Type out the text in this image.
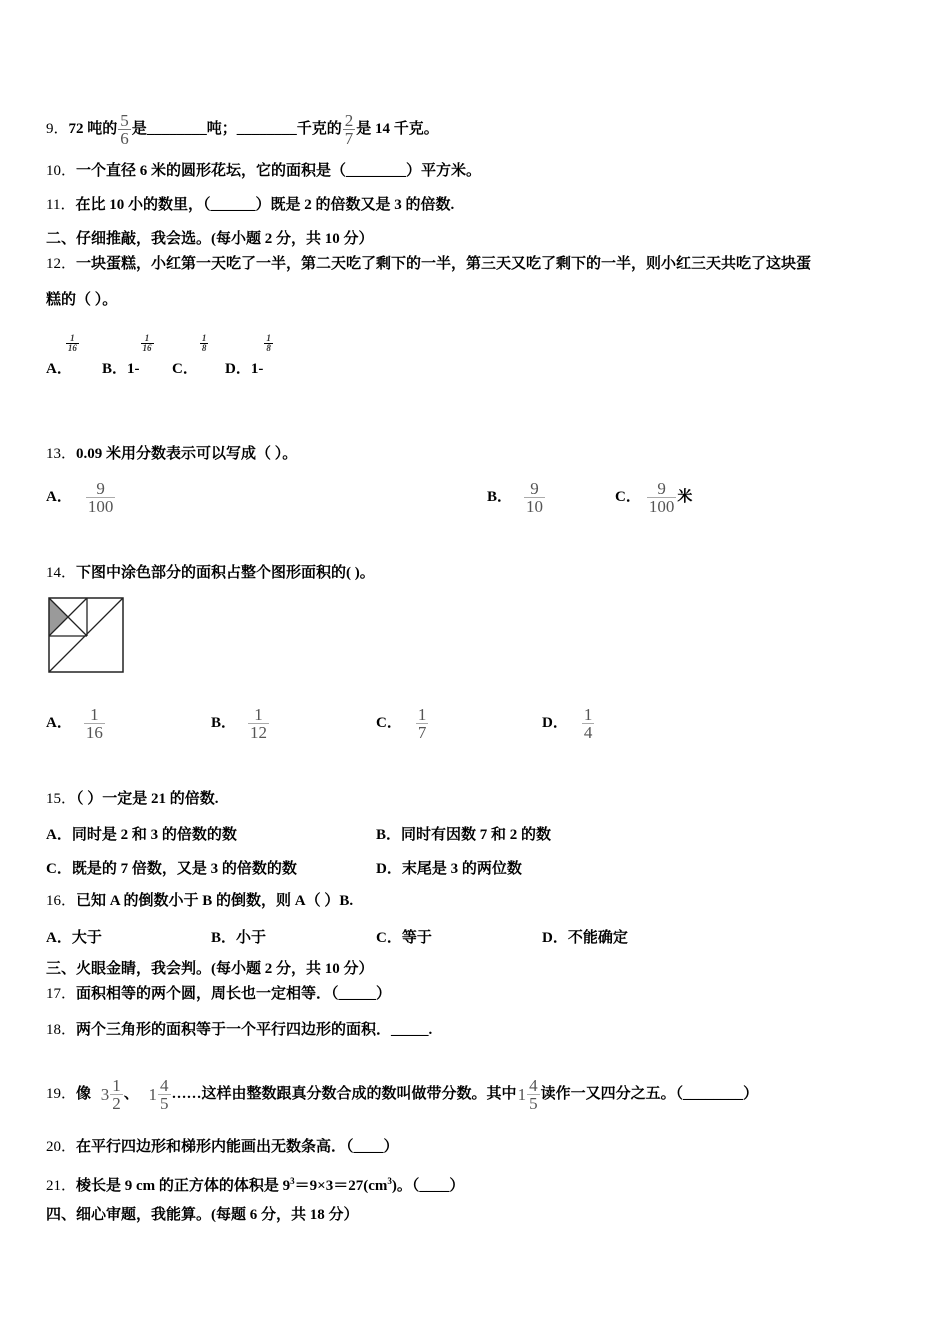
9．72 吨的 $\frac{5}{6}$ 是________吨；________千克的 $\frac{2}{7}$ 是 14 千克。
10．一个直径 6 米的圆形花坛，它的面积是（________）平方米。
11．在比 10 小的数里，（______）既是 2 的倍数又是 3 的倍数.
二、仔细推敲，我会选。(每小题 2 分，共 10 分）
12．一块蛋糕，小红第一天吃了一半，第二天吃了剩下的一半，第三天又吃了剩下的一半，则小红三天共吃了这块蛋
糕的（ ）。
A．
$\frac{1}{16}$
B．1-
$\frac{1}{16}$
C．
$\frac{1}{8}$
D．1-
$\frac{1}{8}$
13．0.09 米用分数表示可以写成（ ）。
A． $\frac{9}{100}$	B． $\frac{9}{10}$	C． $\frac{9}{100}$ 米
14．下图中涂色部分的面积占整个图形面积的( )。
A． $\frac{1}{16}$	B． $\frac{1}{12}$	C． $\frac{1}{7}$	D． $\frac{1}{4}$
15．（ ）一定是 21 的倍数.
A．同时是 2 和 3 的倍数的数	B．同时有因数 7 和 2 的数
C．既是的 7 倍数，又是 3 的倍数的数	D．末尾是 3 的两位数
16．已知 A 的倒数小于 B 的倒数，则 A（ ）B.
A．大于	B．小于	C．等于	D．不能确定
三、火眼金睛，我会判。(每小题 2 分，共 10 分）
17．面积相等的两个圆，周长也一定相等．（_____）
18．两个三角形的面积等于一个平行四边形的面积．_____.
19．像 3 1
2
、 1 4
5
……这样由整数跟真分数合成的数叫做带分数。其中 1 4
5
读作一又四分之五。（________）
20．在平行四边形和梯形内能画出无数条高．（____）
21．棱长是 9 cm 的正方体的体积是 $9^3=9\times 3=27(cm^3)$。（____）
四、细心审题，我能算。(每题 6 分，共 18 分）
